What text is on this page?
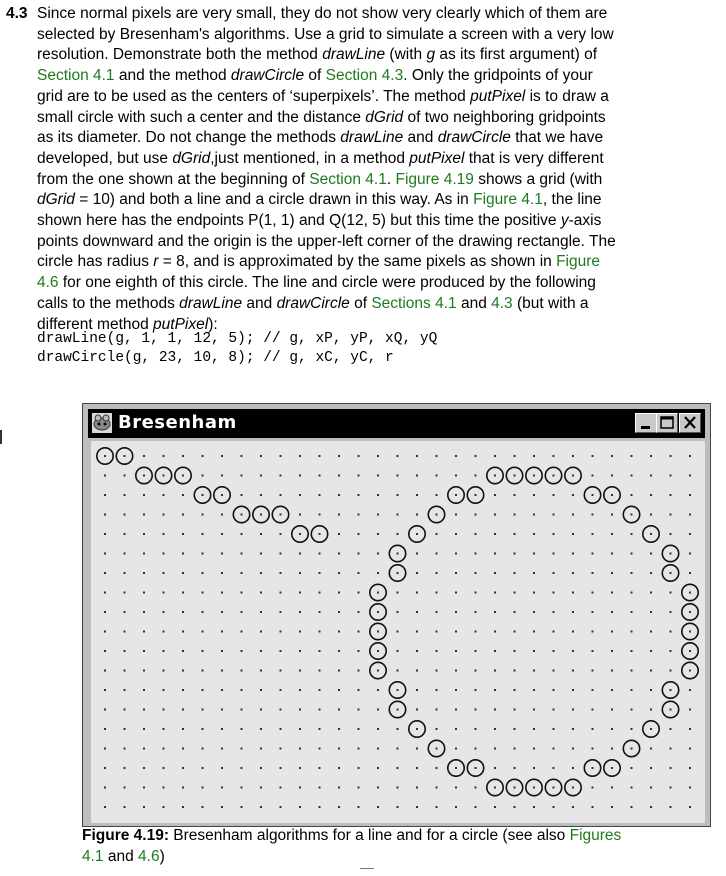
4.3 Since normal pixels are very small, they do not show very clearly which of them are

selected by Bresenham's algorithms. Use a grid to simulate a screen with a very low

resolution. Demonstrate both the method drawLine (with g as its first argument) of

Section 4.1 and the method drawCircle of Section 4.3. Only the gridpoints of your

grid are to be used as the centers of ‘superpixels’. The method putPixel is to draw a

small circle with such a center and the distance dGrid of two neighboring gridpoints

as its diameter. Do not change the methods drawLine and drawCircle that we have

developed, but use dGrid,just mentioned, in a method putPixel that is very different

from the one shown at the beginning of Section 4.1. Figure 4.19 shows a grid (with

dGrid = 10) and both a line and a circle drawn in this way. As in Figure 4.1, the line

shown here has the endpoints P(1, 1) and Q(12, 5) but this time the positive y-axis

points downward and the origin is the upper-left corner of the drawing rectangle. The

circle has radius r = 8, and is approximated by the same pixels as shown in Figure

4.6 for one eighth of this circle. The line and circle were produced by the following

calls to the methods drawLine and drawCircle of Sections 4.1 and 4.3 (but with a

different method putPixel):

drawLine(g, 1, 1, 12, 5); // g, xP, yP, xQ, yQ
drawCircle(g, 23, 10, 8); // g, xC, yC, r
Bresenham
Figure 4.19: Bresenham algorithms for a line and for a circle (see also Figures
4.1 and 4.6)
